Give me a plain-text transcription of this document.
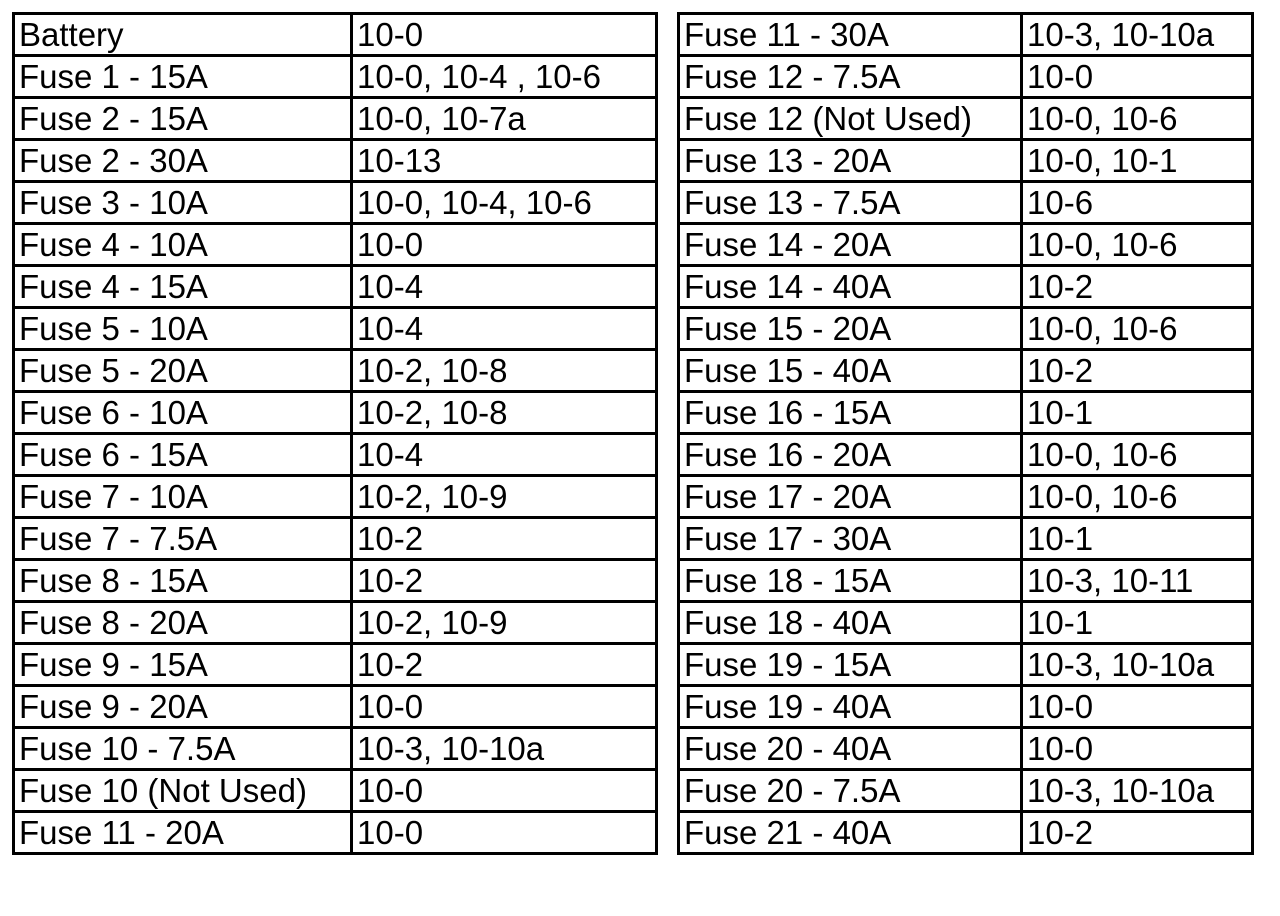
Battery	10-0
Fuse 1 - 15A	10-0, 10-4 , 10-6
Fuse 2 - 15A	10-0, 10-7a
Fuse 2 - 30A	10-13
Fuse 3 - 10A	10-0, 10-4, 10-6
Fuse 4 - 10A	10-0
Fuse 4 - 15A	10-4
Fuse 5 - 10A	10-4
Fuse 5 - 20A	10-2, 10-8
Fuse 6 - 10A	10-2, 10-8
Fuse 6 - 15A	10-4
Fuse 7 - 10A	10-2, 10-9
Fuse 7 - 7.5A	10-2
Fuse 8 - 15A	10-2
Fuse 8 - 20A	10-2, 10-9
Fuse 9 - 15A	10-2
Fuse 9 - 20A	10-0
Fuse 10 - 7.5A	10-3, 10-10a
Fuse 10 (Not Used)	10-0
Fuse 11 - 20A	10-0
Fuse 11 - 30A	10-3, 10-10a
Fuse 12 - 7.5A	10-0
Fuse 12 (Not Used)	10-0, 10-6
Fuse 13 - 20A	10-0, 10-1
Fuse 13 - 7.5A	10-6
Fuse 14 - 20A	10-0, 10-6
Fuse 14 - 40A	10-2
Fuse 15 - 20A	10-0, 10-6
Fuse 15 - 40A	10-2
Fuse 16 - 15A	10-1
Fuse 16 - 20A	10-0, 10-6
Fuse 17 - 20A	10-0, 10-6
Fuse 17 - 30A	10-1
Fuse 18 - 15A	10-3, 10-11
Fuse 18 - 40A	10-1
Fuse 19 - 15A	10-3, 10-10a
Fuse 19 - 40A	10-0
Fuse 20 - 40A	10-0
Fuse 20 - 7.5A	10-3, 10-10a
Fuse 21 - 40A	10-2
